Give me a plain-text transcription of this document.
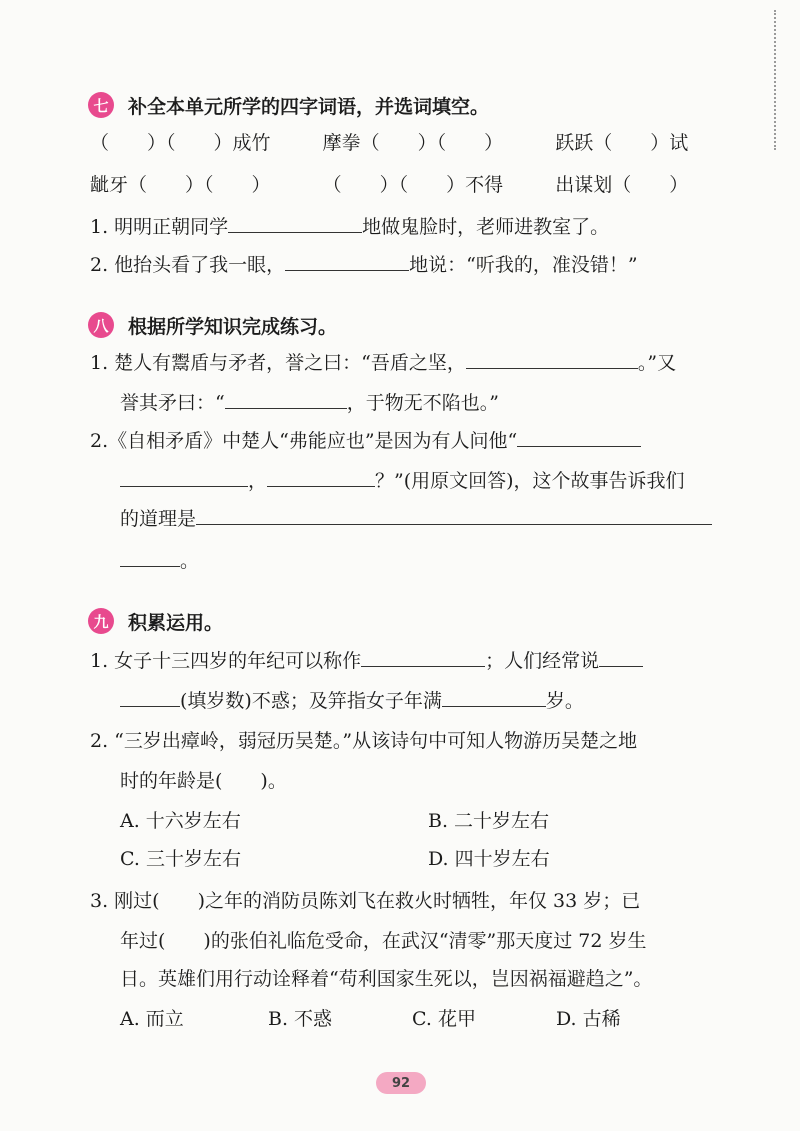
七 补全本单元所学的四字词语，并选词填空。
（　　）（　　）成竹	摩拳（　　）（　　）	跃跃（　　）试
龇牙（　　）（　　）	（　　）（　　）不得	出谋划（　　）
1. 明明正朝同学	地做鬼脸时，老师进教室了。
2. 他抬头看了我一眼，	地说：“听我的，准没错！”
八 根据所学知识完成练习。
1. 楚人有鬻盾与矛者，誉之曰：“吾盾之坚，	。”又
誉其矛曰：“	，于物无不陷也。”
2.《自相矛盾》中楚人“弗能应也”是因为有人问他“
，	？”(用原文回答)，这个故事告诉我们
的道理是
。
九 积累运用。
1. 女子十三四岁的年纪可以称作	；人们经常说
(填岁数)不惑；及笄指女子年满	岁。
2. “三岁出瘴岭，弱冠历吴楚。”从该诗句中可知人物游历吴楚之地
时的年龄是(　　)。
A. 十六岁左右	B. 二十岁左右
C. 三十岁左右	D. 四十岁左右
3. 刚过(　　)之年的消防员陈刘飞在救火时牺牲，年仅 33 岁；已
年过(　　)的张伯礼临危受命，在武汉“清零”那天度过 72 岁生
日。英雄们用行动诠释着“苟利国家生死以，岂因祸福避趋之”。
A. 而立	B. 不惑	C. 花甲	D. 古稀
92
